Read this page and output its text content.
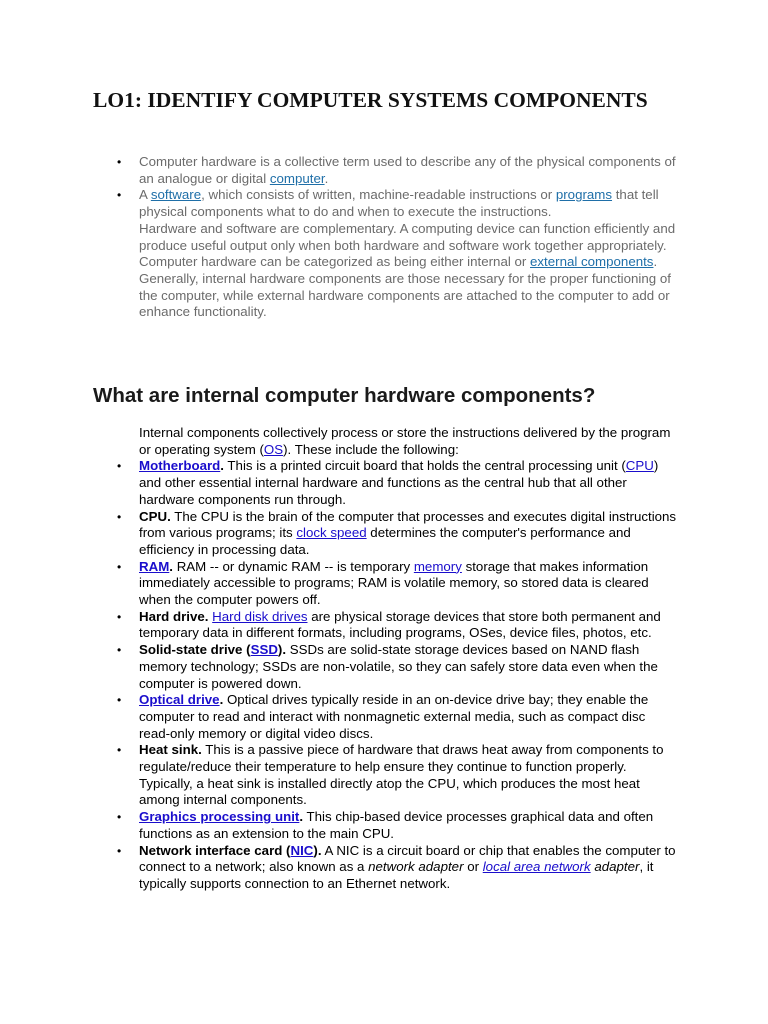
LO1: IDENTIFY COMPUTER SYSTEMS COMPONENTS

• Computer hardware is a collective term used to describe any of the physical components of an analogue or digital computer.

• A software, which consists of written, machine-readable instructions or programs that tell physical components what to do and when to execute the instructions.

Hardware and software are complementary. A computing device can function efficiently and produce useful output only when both hardware and software work together appropriately.

Computer hardware can be categorized as being either internal or external components. Generally, internal hardware components are those necessary for the proper functioning of the computer, while external hardware components are attached to the computer to add or enhance functionality.

What are internal computer hardware components?

Internal components collectively process or store the instructions delivered by the program or operating system (OS). These include the following:

• Motherboard. This is a printed circuit board that holds the central processing unit (CPU) and other essential internal hardware and functions as the central hub that all other hardware components run through.
• CPU. The CPU is the brain of the computer that processes and executes digital instructions from various programs; its clock speed determines the computer's performance and efficiency in processing data.
• RAM. RAM -- or dynamic RAM -- is temporary memory storage that makes information immediately accessible to programs; RAM is volatile memory, so stored data is cleared when the computer powers off.
• Hard drive. Hard disk drives are physical storage devices that store both permanent and temporary data in different formats, including programs, OSes, device files, photos, etc.
• Solid-state drive (SSD). SSDs are solid-state storage devices based on NAND flash memory technology; SSDs are non-volatile, so they can safely store data even when the computer is powered down.
• Optical drive. Optical drives typically reside in an on-device drive bay; they enable the computer to read and interact with nonmagnetic external media, such as compact disc read-only memory or digital video discs.
• Heat sink. This is a passive piece of hardware that draws heat away from components to regulate/reduce their temperature to help ensure they continue to function properly. Typically, a heat sink is installed directly atop the CPU, which produces the most heat among internal components.
• Graphics processing unit. This chip-based device processes graphical data and often functions as an extension to the main CPU.
• Network interface card (NIC). A NIC is a circuit board or chip that enables the computer to connect to a network; also known as a network adapter or local area network adapter, it typically supports connection to an Ethernet network.
